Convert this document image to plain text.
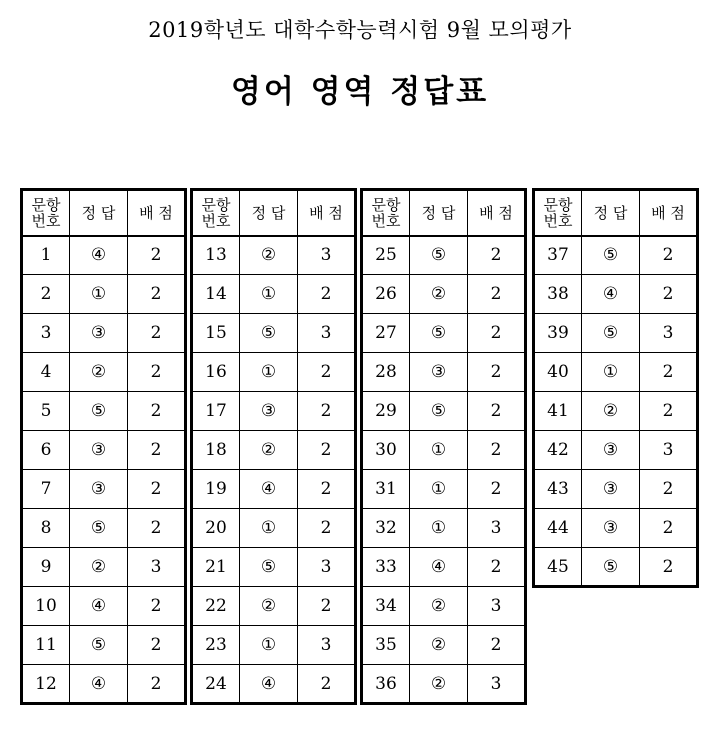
2019학년도 대학수학능력시험 9월 모의평가
영어 영역 정답표
문항
번호	정 답	배 점
1	④	2
2	①	2
3	③	2
4	②	2
5	⑤	2
6	③	2
7	③	2
8	⑤	2
9	②	3
10	④	2
11	⑤	2
12	④	2
문항
번호	정 답	배 점
13	②	3
14	①	2
15	⑤	3
16	①	2
17	③	2
18	②	2
19	④	2
20	①	2
21	⑤	3
22	②	2
23	①	3
24	④	2
문항
번호	정 답	배 점
25	⑤	2
26	②	2
27	⑤	2
28	③	2
29	⑤	2
30	①	2
31	①	2
32	①	3
33	④	2
34	②	3
35	②	2
36	②	3
문항
번호	정 답	배 점
37	⑤	2
38	④	2
39	⑤	3
40	①	2
41	②	2
42	③	3
43	③	2
44	③	2
45	⑤	2
